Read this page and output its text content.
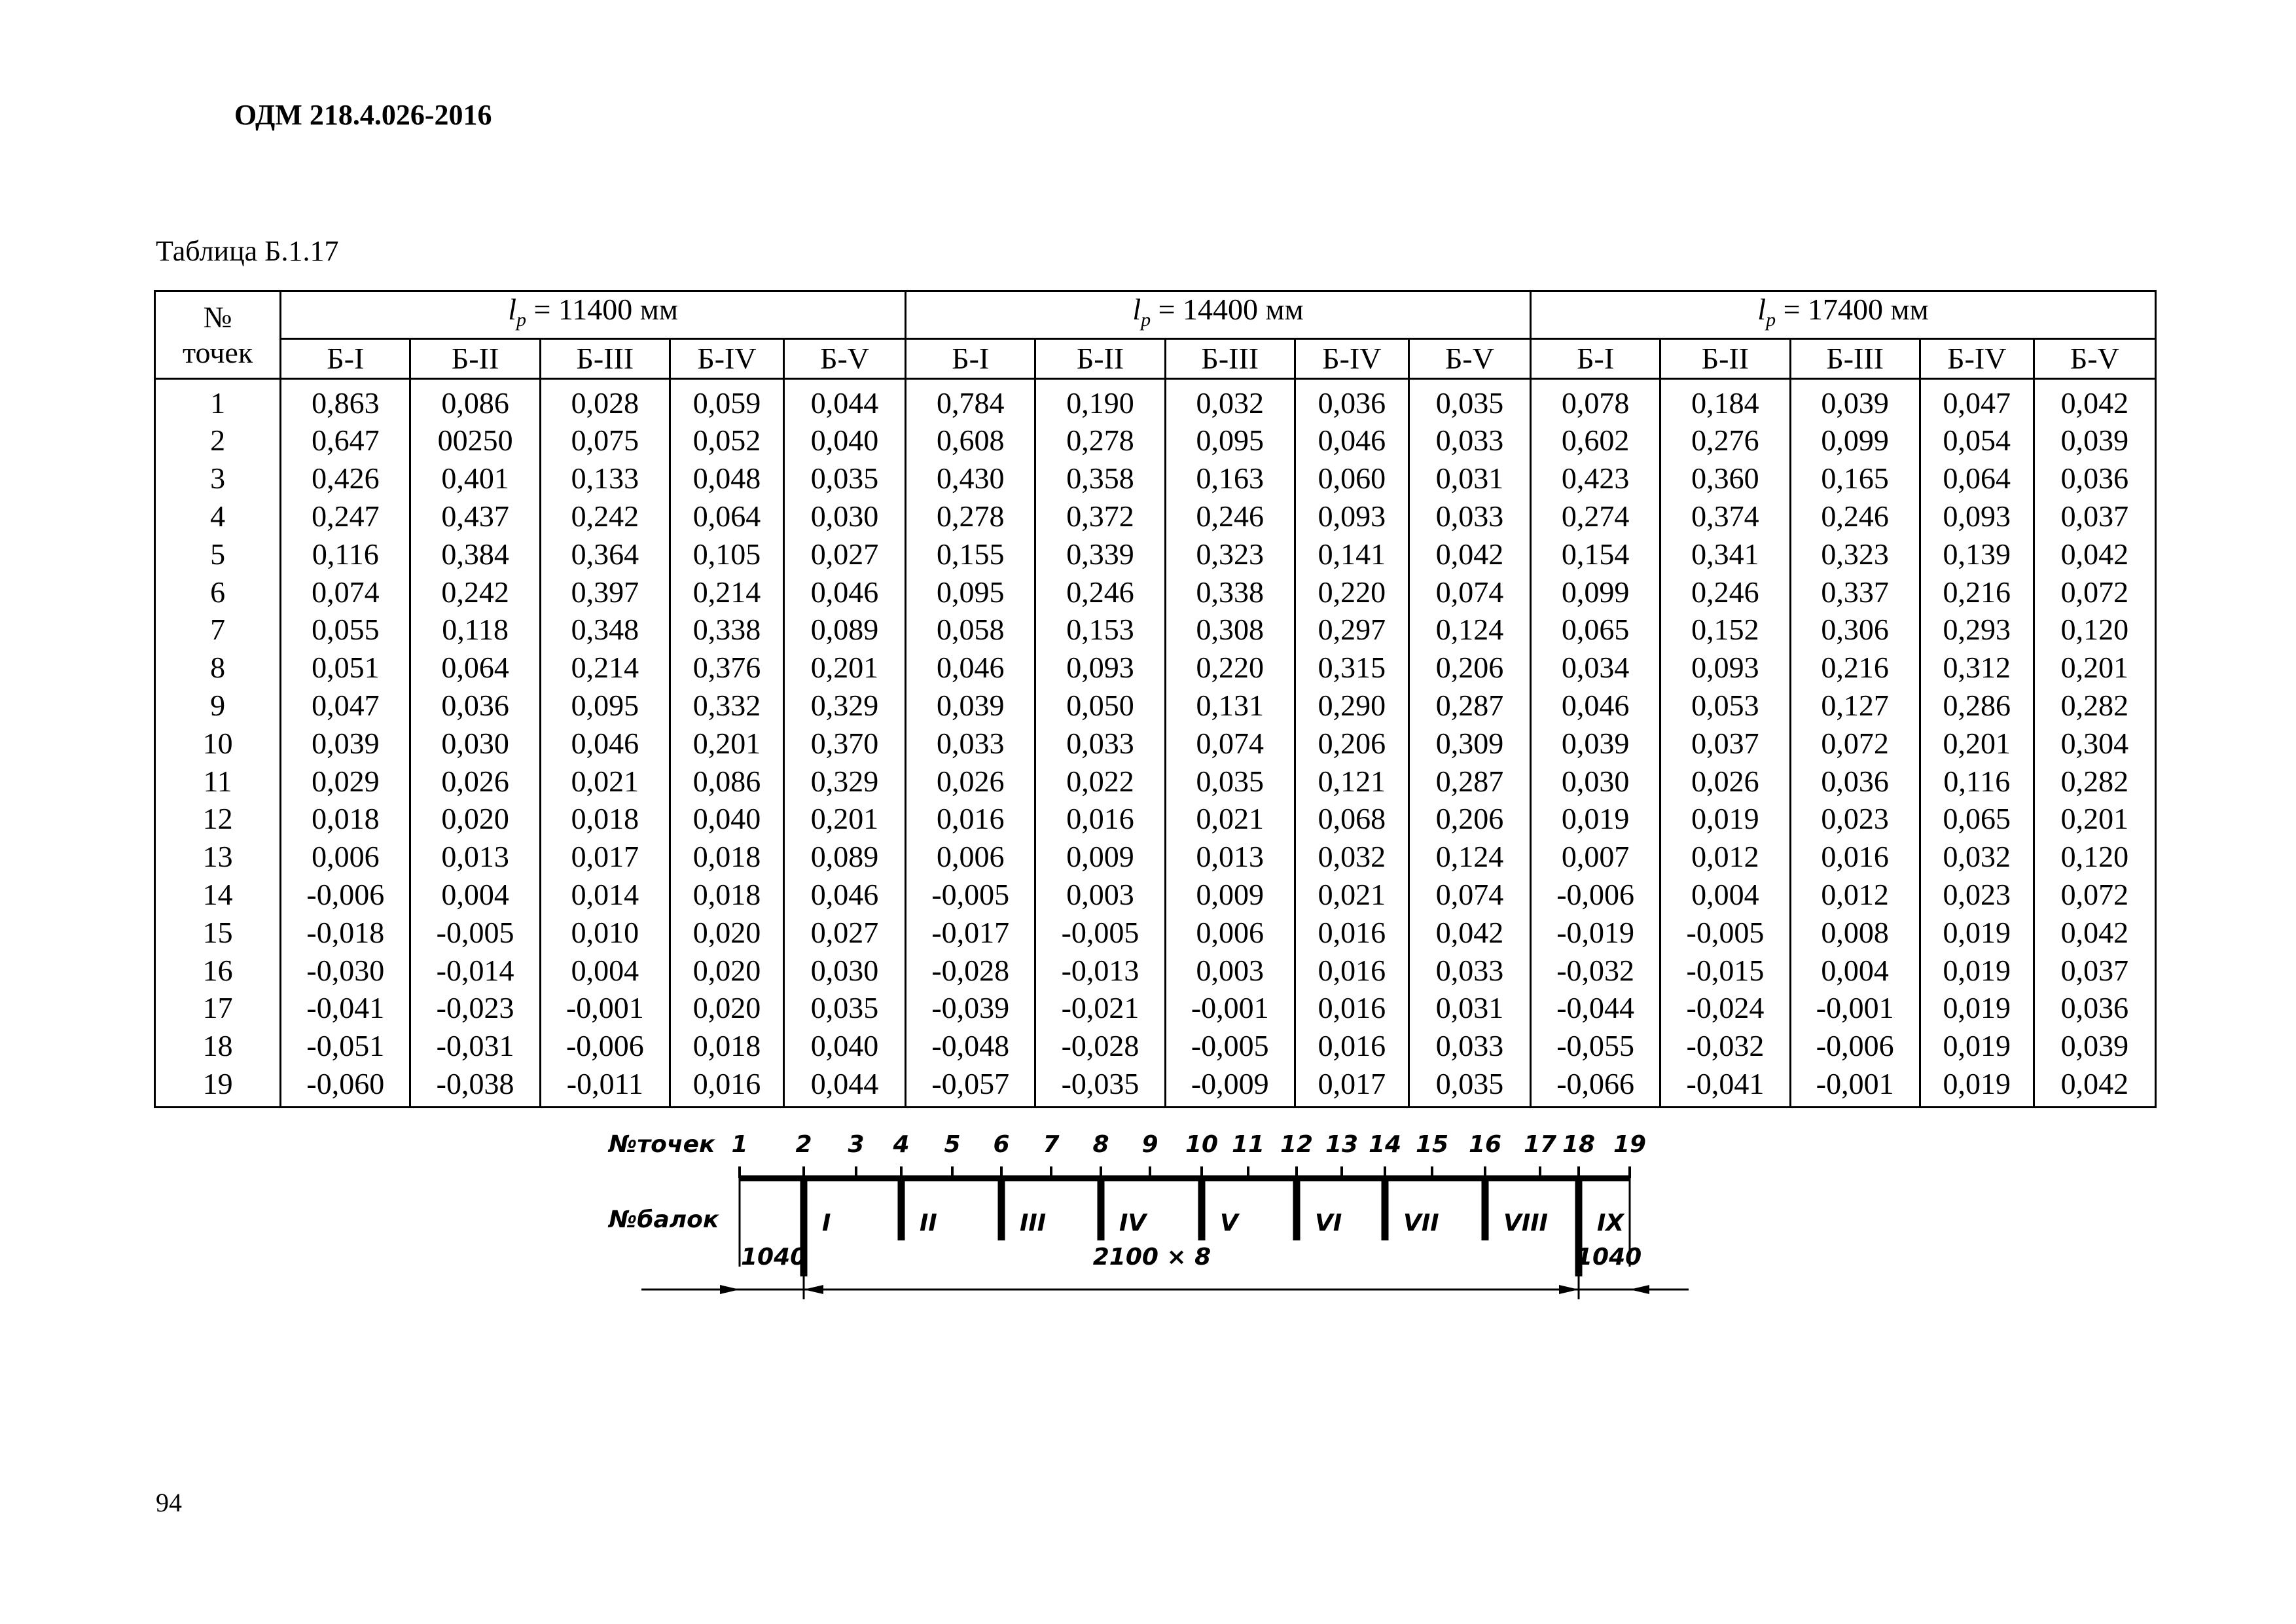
ОДМ 218.4.026-2016
Таблица Б.1.17
№
точек	$l_p = 11400$ мм					$l_p = 14400$ мм					$l_p = 17400$ мм				
	Б-I	Б-II	Б-III	Б-IV	Б-V	Б-I	Б-II	Б-III	Б-IV	Б-V	Б-I	Б-II	Б-III	Б-IV	Б-V
1	0,863	0,086	0,028	0,059	0,044	0,784	0,190	0,032	0,036	0,035	0,078	0,184	0,039	0,047	0,042
2	0,647	00250	0,075	0,052	0,040	0,608	0,278	0,095	0,046	0,033	0,602	0,276	0,099	0,054	0,039
3	0,426	0,401	0,133	0,048	0,035	0,430	0,358	0,163	0,060	0,031	0,423	0,360	0,165	0,064	0,036
4	0,247	0,437	0,242	0,064	0,030	0,278	0,372	0,246	0,093	0,033	0,274	0,374	0,246	0,093	0,037
5	0,116	0,384	0,364	0,105	0,027	0,155	0,339	0,323	0,141	0,042	0,154	0,341	0,323	0,139	0,042
6	0,074	0,242	0,397	0,214	0,046	0,095	0,246	0,338	0,220	0,074	0,099	0,246	0,337	0,216	0,072
7	0,055	0,118	0,348	0,338	0,089	0,058	0,153	0,308	0,297	0,124	0,065	0,152	0,306	0,293	0,120
8	0,051	0,064	0,214	0,376	0,201	0,046	0,093	0,220	0,315	0,206	0,034	0,093	0,216	0,312	0,201
9	0,047	0,036	0,095	0,332	0,329	0,039	0,050	0,131	0,290	0,287	0,046	0,053	0,127	0,286	0,282
10	0,039	0,030	0,046	0,201	0,370	0,033	0,033	0,074	0,206	0,309	0,039	0,037	0,072	0,201	0,304
11	0,029	0,026	0,021	0,086	0,329	0,026	0,022	0,035	0,121	0,287	0,030	0,026	0,036	0,116	0,282
12	0,018	0,020	0,018	0,040	0,201	0,016	0,016	0,021	0,068	0,206	0,019	0,019	0,023	0,065	0,201
13	0,006	0,013	0,017	0,018	0,089	0,006	0,009	0,013	0,032	0,124	0,007	0,012	0,016	0,032	0,120
14	-0,006	0,004	0,014	0,018	0,046	-0,005	0,003	0,009	0,021	0,074	-0,006	0,004	0,012	0,023	0,072
15	-0,018	-0,005	0,010	0,020	0,027	-0,017	-0,005	0,006	0,016	0,042	-0,019	-0,005	0,008	0,019	0,042
16	-0,030	-0,014	0,004	0,020	0,030	-0,028	-0,013	0,003	0,016	0,033	-0,032	-0,015	0,004	0,019	0,037
17	-0,041	-0,023	-0,001	0,020	0,035	-0,039	-0,021	-0,001	0,016	0,031	-0,044	-0,024	-0,001	0,019	0,036
18	-0,051	-0,031	-0,006	0,018	0,040	-0,048	-0,028	-0,005	0,016	0,033	-0,055	-0,032	-0,006	0,019	0,039
19	-0,060	-0,038	-0,011	0,016	0,044	-0,057	-0,035	-0,009	0,017	0,035	-0,066	-0,041	-0,001	0,019	0,042
№точек
№балок
1 2 3 4 5 6 7 8 9 10 11 12 13 14 15 16 17 18 19
I	II	III	IV	V	VI	VII	VIII IX
1040	2100 × 8	1040
94
